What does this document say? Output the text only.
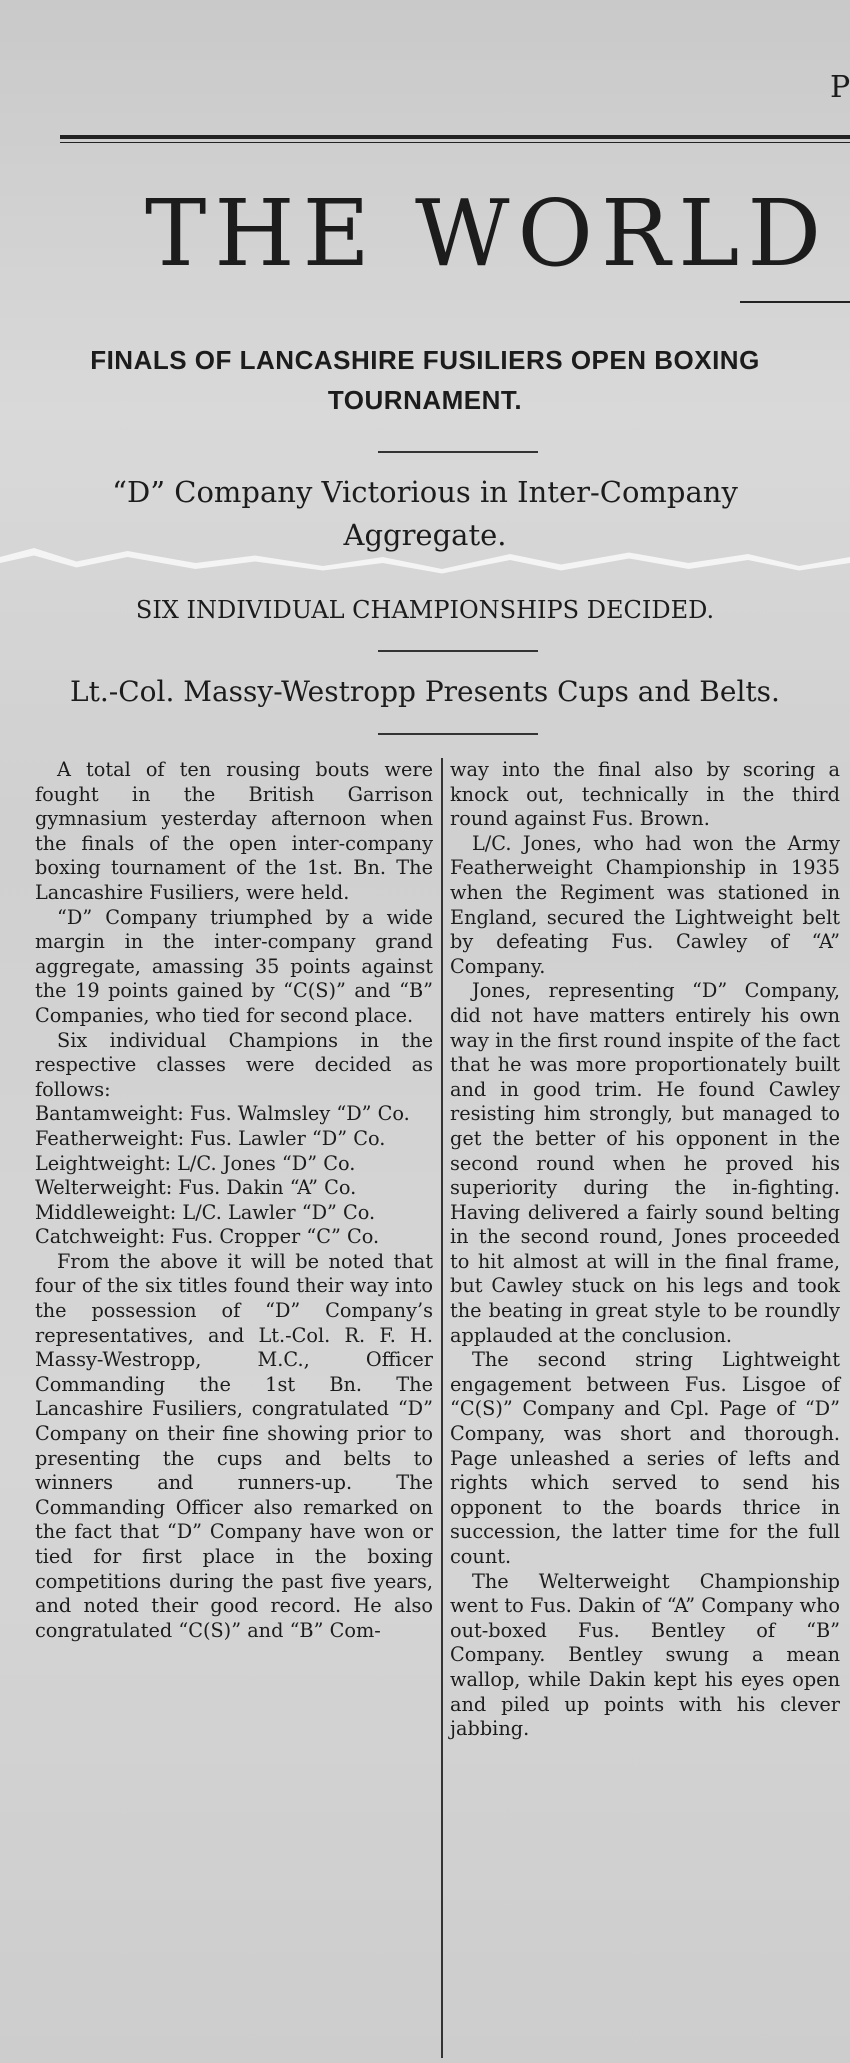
P
THE WORLD
FINALS OF LANCASHIRE FUSILIERS OPEN BOXING
TOURNAMENT.
“D” Company Victorious in Inter-Company
Aggregate.
SIX INDIVIDUAL CHAMPIONSHIPS DECIDED.
Lt.-Col. Massy-Westropp Presents Cups and Belts.

A total of ten rousing bouts were fought in the British Garrison gymnasium yesterday afternoon when the finals of the open inter-company boxing tournament of the 1st. Bn. The Lancashire Fusiliers, were held.

“D” Company triumphed by a wide margin in the inter-company grand aggregate, amassing 35 points against the 19 points gained by “C(S)” and “B” Companies, who tied for second place.

Six individual Champions in the respective classes were decided as follows:

Bantamweight: Fus. Walmsley “D” Co.

Featherweight: Fus. Lawler “D” Co.

Leightweight: L/C. Jones “D” Co.

Welterweight: Fus. Dakin “A” Co.

Middleweight: L/C. Lawler “D” Co.

Catchweight: Fus. Cropper “C” Co.

From the above it will be noted that four of the six titles found their way into the possession of “D” Company’s representatives, and Lt.-Col. R. F. H. Massy-Westropp, M.C., Officer Commanding the 1st Bn. The Lancashire Fusiliers, congratulated “D” Company on their fine showing prior to presenting the cups and belts to winners and runners-up. The Commanding Officer also remarked on the fact that “D” Company have won or tied for first place in the boxing competitions during the past five years, and noted their good record. He also congratulated “C(S)” and “B” Com-

way into the final also by scoring a knock out, technically in the third round against Fus. Brown.

L/C. Jones, who had won the Army Featherweight Championship in 1935 when the Regiment was stationed in England, secured the Lightweight belt by defeating Fus. Cawley of “A” Company.

Jones, representing “D” Company, did not have matters entirely his own way in the first round inspite of the fact that he was more proportionately built and in good trim. He found Cawley resisting him strongly, but managed to get the better of his opponent in the second round when he proved his superiority during the in-fighting. Having delivered a fairly sound belting in the second round, Jones proceeded to hit almost at will in the final frame, but Cawley stuck on his legs and took the beating in great style to be roundly applauded at the conclusion.

The second string Lightweight engagement between Fus. Lisgoe of “C(S)” Company and Cpl. Page of “D” Company, was short and thorough. Page unleashed a series of lefts and rights which served to send his opponent to the boards thrice in succession, the latter time for the full count.

The Welterweight Championship went to Fus. Dakin of “A” Company who out-boxed Fus. Bentley of “B” Company. Bentley swung a mean wallop, while Dakin kept his eyes open and piled up points with his clever jabbing.
